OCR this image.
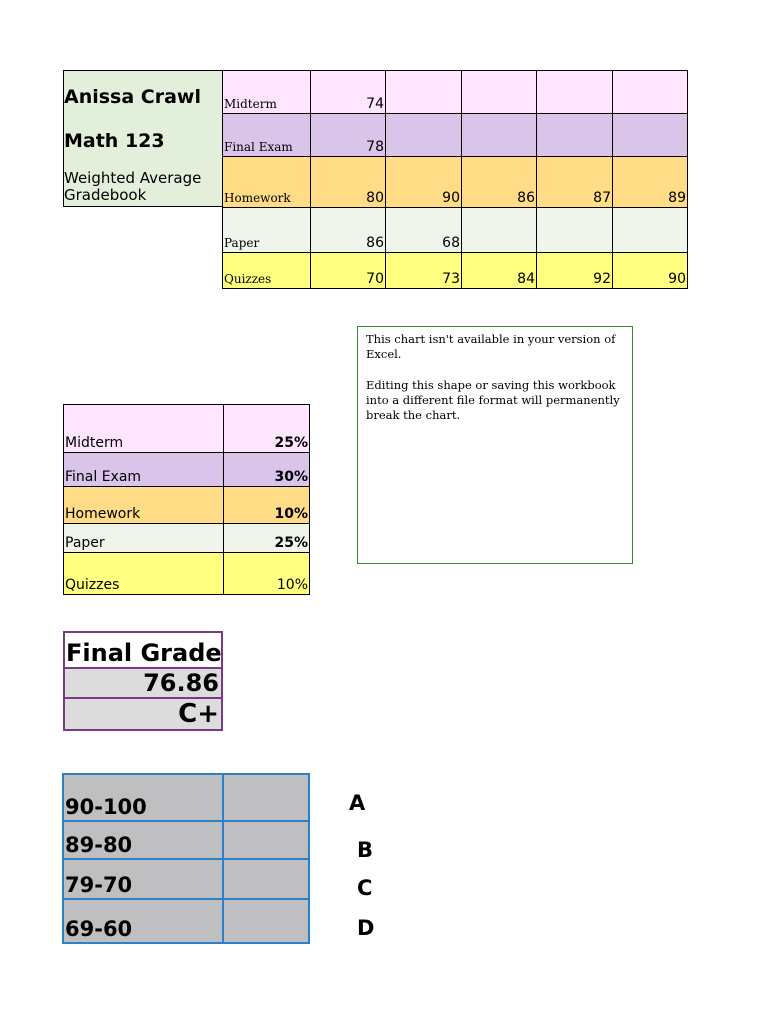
Anissa Crawl
Math 123
Weighted Average
Gradebook
Midterm	74
Final Exam	78
Homework	80	90	86	87	89
Paper	86	68
Quizzes	70	73	84	92	90
Midterm	25%
Final Exam	30%
Homework	10%
Paper	25%
Quizzes	10%

This chart isn't available in your version of Excel.

Editing this shape or saving this workbook into a different file format will permanently break the chart.

Final Grade
76.86
C+
90-100	A
89-80	B
79-70	C
69-60	D
